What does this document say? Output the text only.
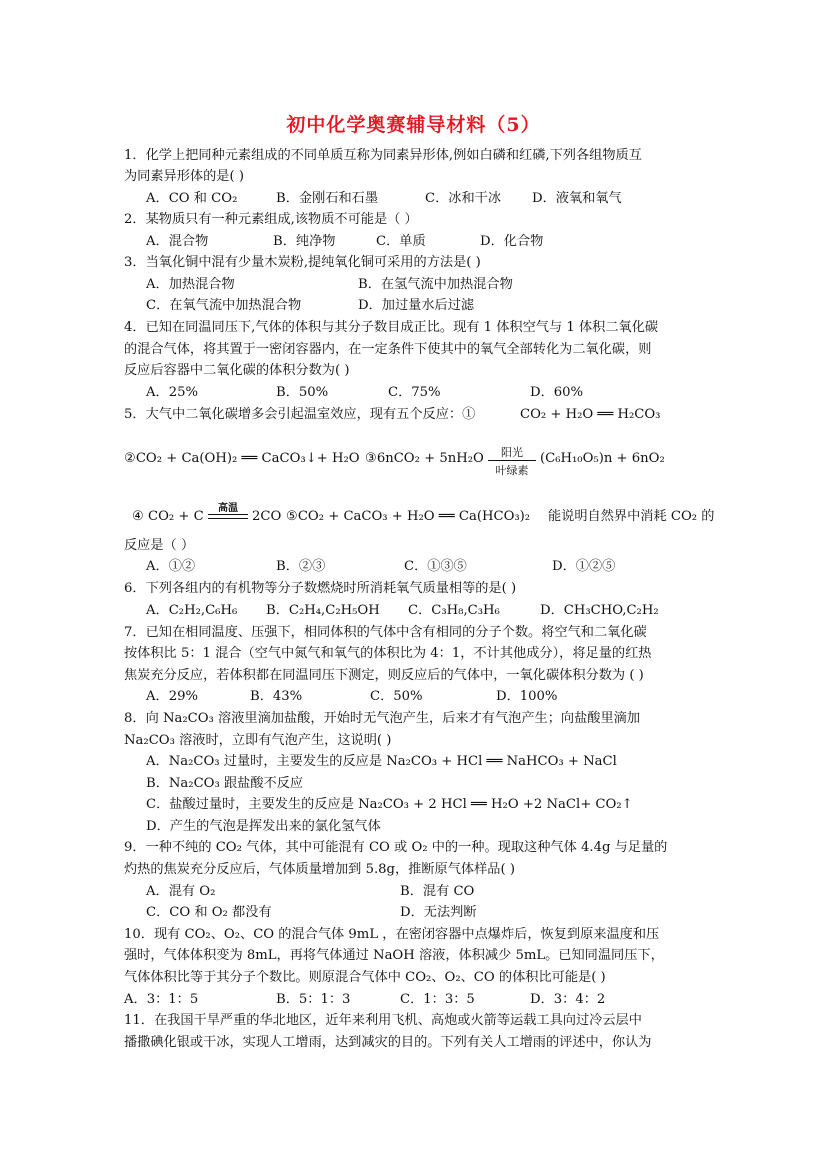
初中化学奥赛辅导材料（5）
1．化学上把同种元素组成的不同单质互称为同素异形体,例如白磷和红磷,下列各组物质互
为同素异形体的是( )
A．CO 和 CO₂	B．金刚石和石墨	C．冰和干冰 D．液氧和氧气
2．某物质只有一种元素组成,该物质不可能是（ ）
A．混合物	B．纯净物	C．单质	D．化合物
3．当氧化铜中混有少量木炭粉,提纯氧化铜可采用的方法是( )
A．加热混合物	B．在氢气流中加热混合物
C．在氧气流中加热混合物	D．加过量水后过滤
4．已知在同温同压下,气体的体积与其分子数目成正比。现有 1 体积空气与 1 体积二氧化碳
的混合气体，将其置于一密闭容器内，在一定条件下使其中的氧气全部转化为二氧化碳，则
反应后容器中二氧化碳的体积分数为( )
A．25%	B．50%	C．75%	D．60%
5．大气中二氧化碳增多会引起温室效应，现有五个反应：①	CO₂ + H₂O ══ H₂CO₃
②CO₂ + Ca(OH)₂ ══ CaCO₃↓+ H₂O ③6nCO₂ + 5nH₂O	(C₆H₁₀O₅)n + 6nO₂
阳光
叶绿素
④ CO₂ + C	2CO ⑤CO₂ + CaCO₃ + H₂O ══ Ca(HCO₃)₂ 能说明自然界中消耗 CO₂ 的
高温
反应是（ ）
A．①②	B．②③	C．①③⑤	D．①②⑤
6．下列各组内的有机物等分子数燃烧时所消耗氧气质量相等的是( )
A．C₂H₂,C₆H₆ B．C₂H₄,C₂H₅OH C．C₃H₈,C₃H₆	D．CH₃CHO,C₂H₂
7．已知在相同温度、压强下，相同体积的气体中含有相同的分子个数。将空气和二氧化碳
按体积比 5：1 混合（空气中氮气和氧气的体积比为 4：1，不计其他成分），将足量的红热
焦炭充分反应，若体积都在同温同压下测定，则反应后的气体中，一氧化碳体积分数为 ( )
A．29%	B．43%	C．50%	D．100%
8．向 Na₂CO₃ 溶液里滴加盐酸，开始时无气泡产生，后来才有气泡产生；向盐酸里滴加
Na₂CO₃ 溶液时，立即有气泡产生，这说明( )
A．Na₂CO₃ 过量时，主要发生的反应是 Na₂CO₃ + HCl ══ NaHCO₃ + NaCl
B．Na₂CO₃ 跟盐酸不反应
C．盐酸过量时，主要发生的反应是 Na₂CO₃ + 2 HCl ══ H₂O +2 NaCl+ CO₂↑
D．产生的气泡是挥发出来的氯化氢气体
9．一种不纯的 CO₂ 气体，其中可能混有 CO 或 O₂ 中的一种。现取这种气体 4.4g 与足量的
灼热的焦炭充分反应后，气体质量增加到 5.8g，推断原气体样品( )
A．混有 O₂	B．混有 CO
C．CO 和 O₂ 都没有	D．无法判断
10．现有 CO₂、O₂、CO 的混合气体 9mL ，在密闭容器中点爆炸后，恢复到原来温度和压
强时，气体体积变为 8mL，再将气体通过 NaOH 溶液，体积减少 5mL。已知同温同压下，
气体体积比等于其分子个数比。则原混合气体中 CO₂、O₂、CO 的体积比可能是( )
A．3：1：5	B．5：1：3	C．1：3：5	D．3：4：2
11．在我国干旱严重的华北地区，近年来利用飞机、高炮或火箭等运载工具向过冷云层中
播撒碘化银或干冰，实现人工增雨，达到减灾的目的。下列有关人工增雨的评述中，你认为
